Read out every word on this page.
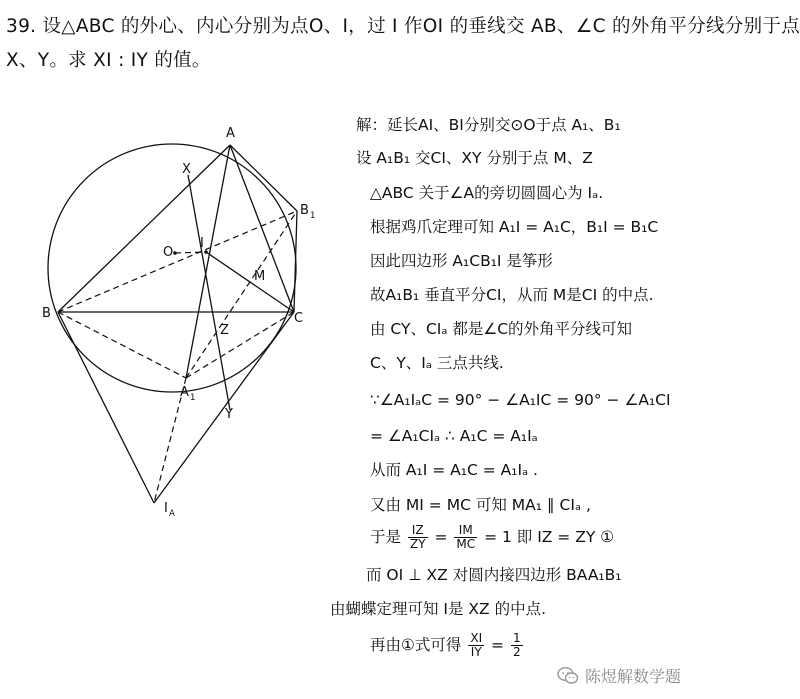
39. 设△ABC 的外心、内心分别为点O、I，过 I 作OI 的垂线交 AB、∠C 的外角平分线分别于点
X、Y。求 XI : IY 的值。
A
B	C
B 1
A 1
O
I
X
Y
M
Z
I A
解：延长AI、BI分别交⊙O于点 A₁、B₁
设 A₁B₁ 交CI、XY 分别于点 M、Z
△ABC 关于∠A的旁切圆圆心为 Iₐ.
根据鸡爪定理可知 A₁I = A₁C，B₁I = B₁C
因此四边形 A₁CB₁I 是筝形
故A₁B₁ 垂直平分CI，从而 M是CI 的中点.
由 CY、CIₐ 都是∠C的外角平分线可知
C、Y、Iₐ 三点共线.
∵∠A₁IₐC = 90° − ∠A₁IC = 90° − ∠A₁CI
= ∠A₁CIₐ ∴ A₁C = A₁Iₐ
从而 A₁I = A₁C = A₁Iₐ .
又由 MI = MC 可知 MA₁ ∥ CIₐ ,
于是 $\frac{IZ}{ZY} = \frac{IM}{MC} = 1$ 即 IZ = ZY ①
而 OI ⊥ XZ 对圆内接四边形 BAA₁B₁
由蝴蝶定理可知 I是 XZ 的中点.
再由①式可得 $\frac{XI}{IY} = \frac{1}{2}$
陈煜解数学题
